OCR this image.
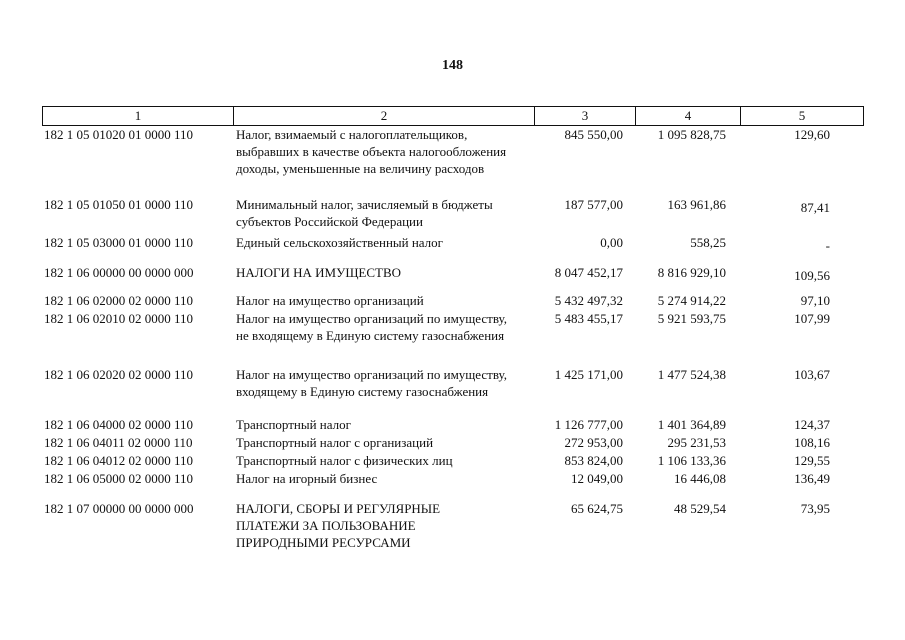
148
1	2	3	4	5
182 1 05 01020 01 0000 110	Налог, взимаемый с налогоплательщиков,
выбравших в качестве объекта налогообложения
доходы, уменьшенные на величину расходов
845 550,00	1 095 828,75	129,60
182 1 05 01050 01 0000 110	Минимальный налог, зачисляемый в бюджеты
субъектов Российской Федерации
187 577,00	163 961,86	87,41
182 1 05 03000 01 0000 110	Единый сельскохозяйственный налог	0,00	558,25	-
182 1 06 00000 00 0000 000	НАЛОГИ НА ИМУЩЕСТВО	8 047 452,17	8 816 929,10	109,56
182 1 06 02000 02 0000 110	Налог на имущество организаций	5 432 497,32	5 274 914,22	97,10
182 1 06 02010 02 0000 110	Налог на имущество организаций по имуществу,
не входящему в Единую систему газоснабжения
5 483 455,17	5 921 593,75	107,99
182 1 06 02020 02 0000 110	Налог на имущество организаций по имуществу,
входящему в Единую систему газоснабжения
1 425 171,00	1 477 524,38	103,67
182 1 06 04000 02 0000 110	Транспортный налог	1 126 777,00	1 401 364,89	124,37
182 1 06 04011 02 0000 110	Транспортный налог с организаций	272 953,00	295 231,53	108,16
182 1 06 04012 02 0000 110	Транспортный налог с физических лиц	853 824,00	1 106 133,36	129,55
182 1 06 05000 02 0000 110	Налог на игорный бизнес	12 049,00	16 446,08	136,49
182 1 07 00000 00 0000 000	НАЛОГИ, СБОРЫ И РЕГУЛЯРНЫЕ
ПЛАТЕЖИ ЗА ПОЛЬЗОВАНИЕ
ПРИРОДНЫМИ РЕСУРСАМИ
65 624,75	48 529,54	73,95
